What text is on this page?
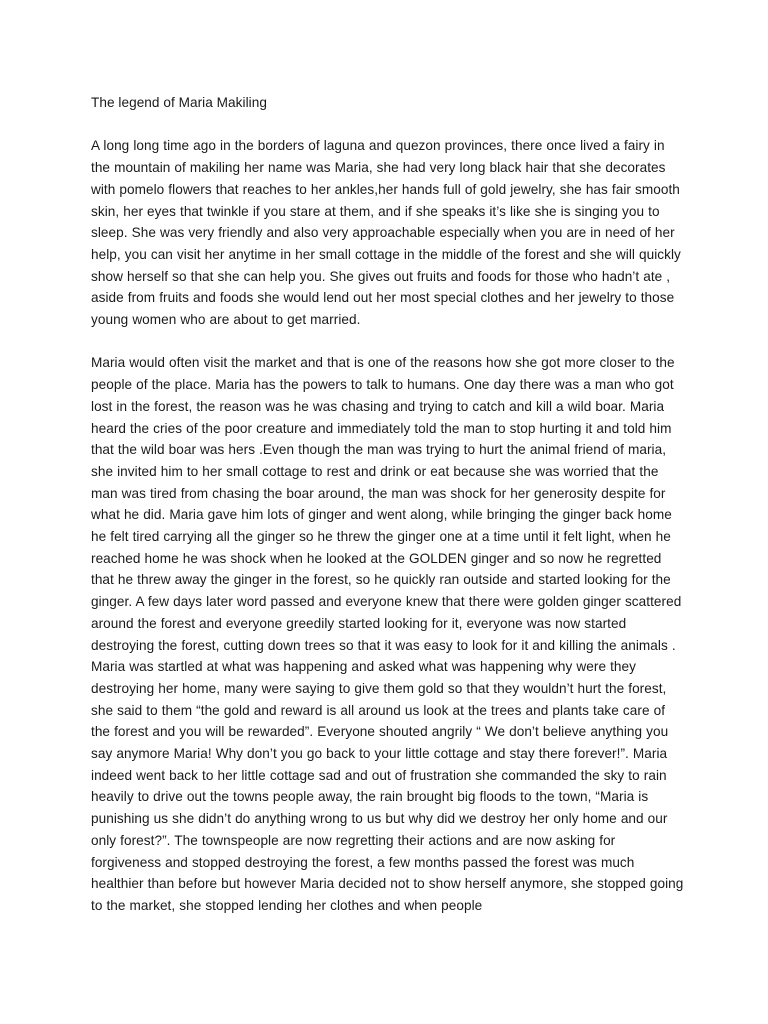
The legend of Maria Makiling

A long long time ago in the borders of laguna and quezon provinces, there once lived a fairy in the mountain of makiling her name was Maria, she had very long black hair that she decorates with pomelo flowers that reaches to her ankles,her hands full of gold jewelry, she has fair smooth skin, her eyes that twinkle if you stare at them, and if she speaks it’s like she is singing you to sleep. She was very friendly and also very approachable especially when you are in need of her help, you can visit her anytime in her small cottage in the middle of the forest and she will quickly show herself so that she can help you. She gives out fruits and foods for those who hadn’t ate , aside from fruits and foods she would lend out her most special clothes and her jewelry to those young women who are about to get married.

Maria would often visit the market and that is one of the reasons how she got more closer to the people of the place. Maria has the powers to talk to humans. One day there was a man who got lost in the forest, the reason was he was chasing and trying to catch and kill a wild boar. Maria heard the cries of the poor creature and immediately told the man to stop hurting it and told him that the wild boar was hers .Even though the man was trying to hurt the animal friend of maria, she invited him to her small cottage to rest and drink or eat because she was worried that the man was tired from chasing the boar around, the man was shock for her generosity despite for what he did. Maria gave him lots of ginger and went along, while bringing the ginger back home he felt tired carrying all the ginger so he threw the ginger one at a time until it felt light, when he reached home he was shock when he looked at the GOLDEN ginger and so now he regretted that he threw away the ginger in the forest, so he quickly ran outside and started looking for the ginger. A few days later word passed and everyone knew that there were golden ginger scattered around the forest and everyone greedily started looking for it, everyone was now started destroying the forest, cutting down trees so that it was easy to look for it and killing the animals . Maria was startled at what was happening and asked what was happening why were they destroying her home, many were saying to give them gold so that they wouldn’t hurt the forest, she said to them “the gold and reward is all around us look at the trees and plants take care of the forest and you will be rewarded”. Everyone shouted angrily “ We don’t believe anything you say anymore Maria! Why don’t you go back to your little cottage and stay there forever!”. Maria indeed went back to her little cottage sad and out of frustration she commanded the sky to rain heavily to drive out the towns people away, the rain brought big floods to the town, “Maria is punishing us she didn’t do anything wrong to us but why did we destroy her only home and our only forest?”. The townspeople are now regretting their actions and are now asking for forgiveness and stopped destroying the forest, a few months passed the forest was much healthier than before but however Maria decided not to show herself anymore, she stopped going to the market, she stopped lending her clothes and when people
